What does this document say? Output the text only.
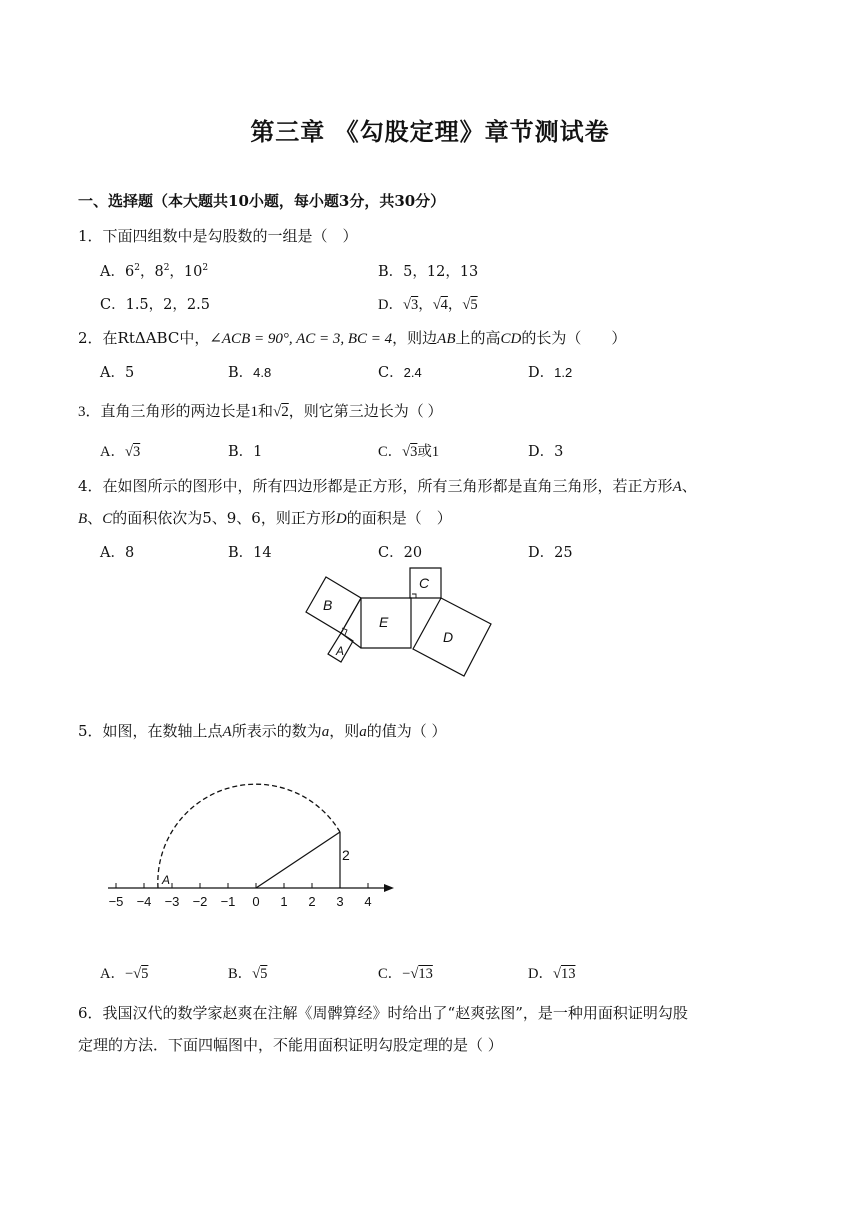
第三章 《勾股定理》章节测试卷
一、选择题（本大题共10小题，每小题3分，共30分）
1．下面四组数中是勾股数的一组是（　）
A．$6^2$，$8^2$，$10^2$	B．5，12，13
C．1.5，2，2.5	D．√3，√4，√5
2．在RtΔABC中，∠ACB = 90°, AC = 3, BC = 4，则边AB上的高CD的长为（　　）
A．5	B．4.8	C．2.4	D．1.2
3．直角三角形的两边长是1和√2，则它第三边长为（ ）
A．√3	B．1	C．√3或1	D．3
4．在如图所示的图形中，所有四边形都是正方形，所有三角形都是直角三角形，若正方形A、
B、C的面积依次为5、9、6，则正方形D的面积是（　）
A．8	B．14	C．20	D．25
B
E
C
D
A
5．如图，在数轴上点A所表示的数为a，则a的值为（ ）
−5 −4 −3 −2 −1 0 1 2 3 4
A
2
A．−√5	B．√5	C．−√13	D．√13
6．我国汉代的数学家赵爽在注解《周髀算经》时给出了“赵爽弦图”，是一种用面积证明勾股
定理的方法．下面四幅图中，不能用面积证明勾股定理的是（ ）
